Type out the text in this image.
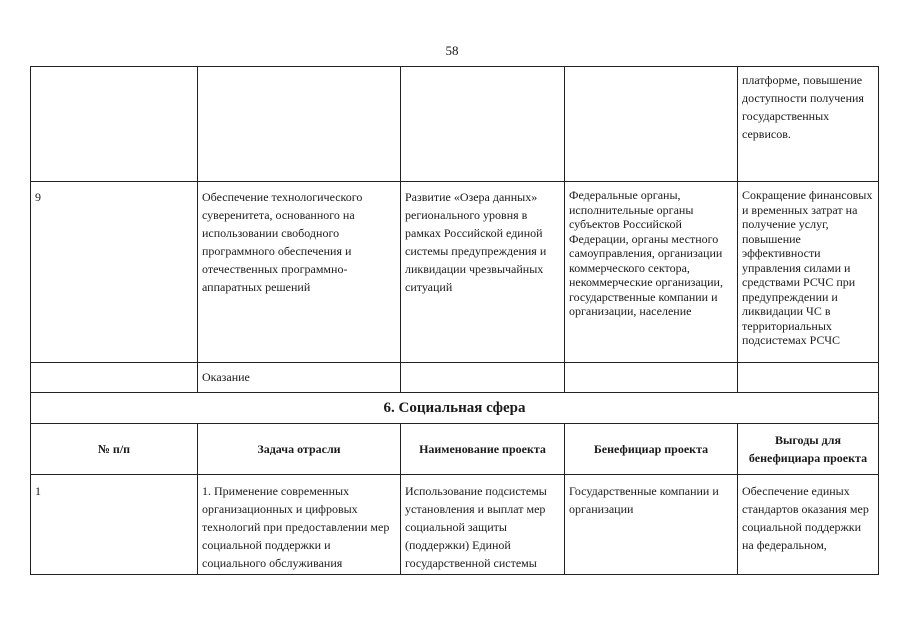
58
				платформе, повышение доступности получения государственных сервисов.
9	Обеспечение технологического суверенитета, основанного на использовании свободного программного обеспечения и отечественных программно-аппаратных решений	Развитие «Озера данных» регионального уровня в рамках Российской единой системы предупреждения и ликвидации чрезвычайных ситуаций	Федеральные органы, исполнительные органы субъектов Российской Федерации, органы местного самоуправления, организации коммерческого сектора, некоммерческие организации, государственные компании и организации, население	Сокращение финансовых и временных затрат на получение услуг, повышение эффективности управления силами и средствами РСЧС при предупреждении и ликвидации ЧС в территориальных подсистемах РСЧС
	Оказание			
6. Социальная сфера				
№ п/п	Задача отрасли	Наименование проекта	Бенефициар проекта	Выгоды для бенефициара проекта
1	1. Применение современных организационных и цифровых технологий при предоставлении мер социальной поддержки и социального обслуживания	Использование подсистемы установления и выплат мер социальной защиты (поддержки) Единой государственной системы	Государственные компании и организации	Обеспечение единых стандартов оказания мер социальной поддержки на федеральном,
